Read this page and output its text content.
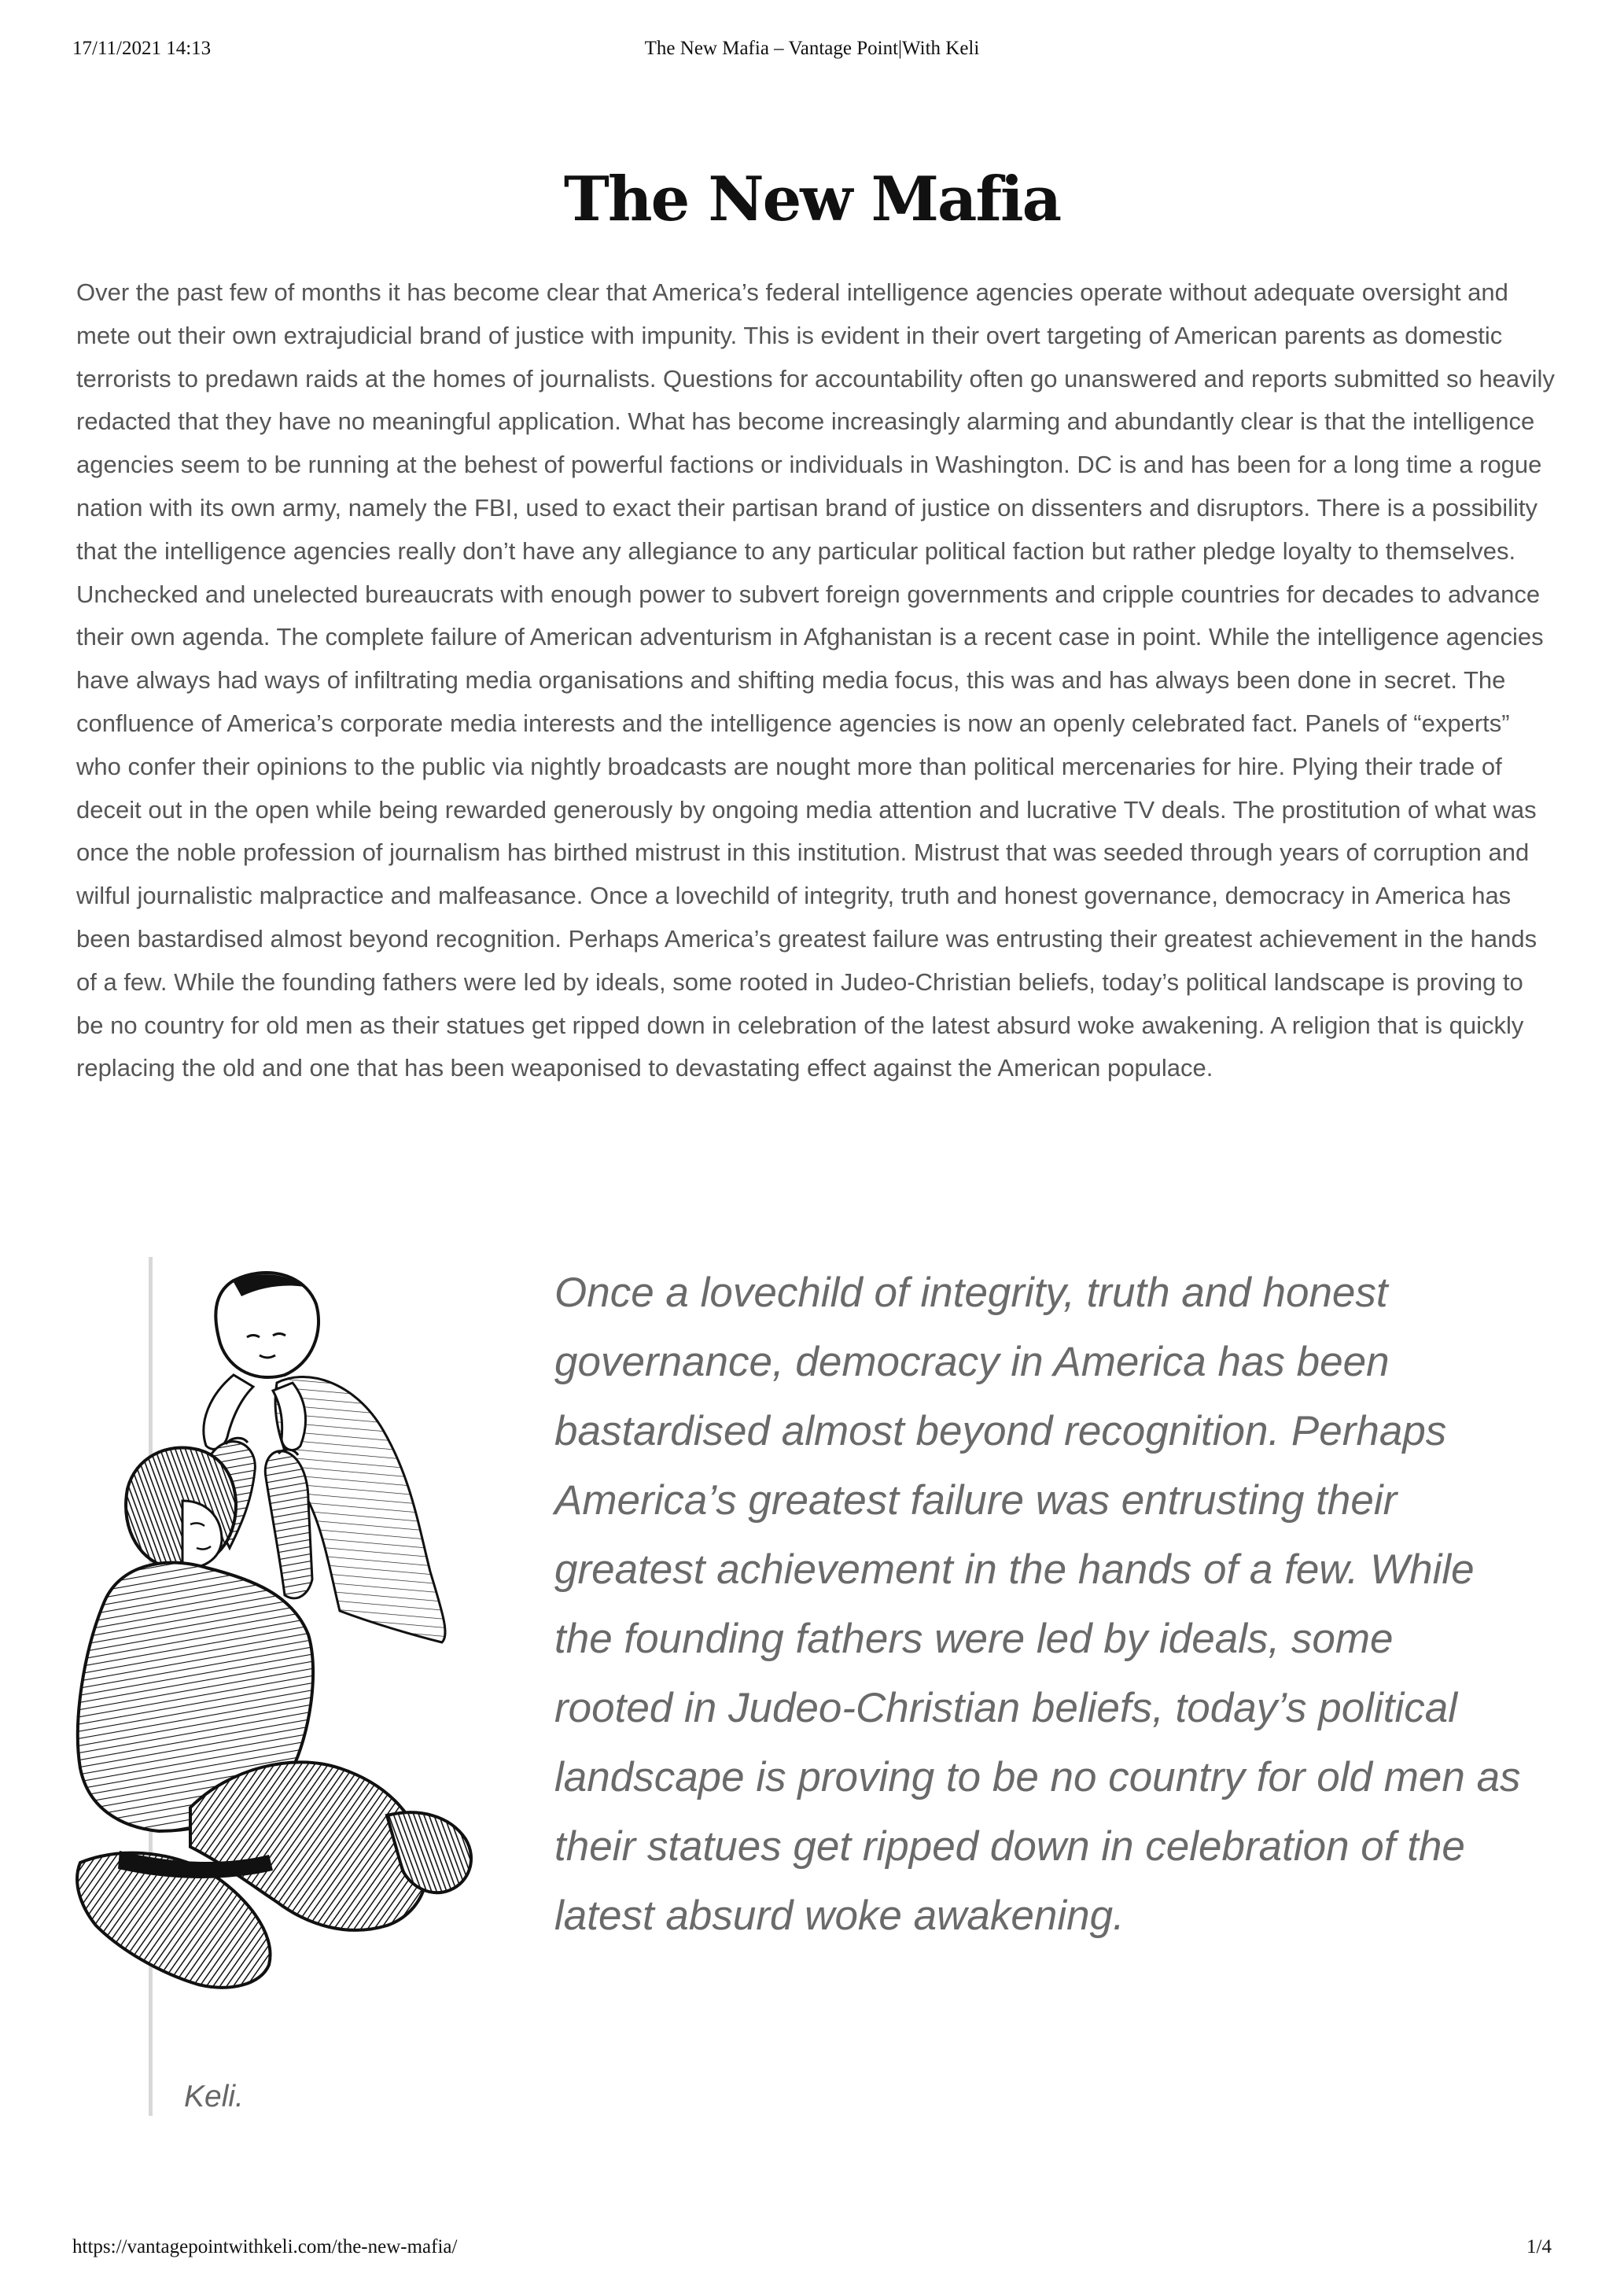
17/11/2021 14:13	The New Mafia – Vantage Point|With Keli
The New Mafia

Over the past few of months it has become clear that America’s federal intelligence agencies operate without adequate oversight and mete out their own extrajudicial brand of justice with impunity. This is evident in their overt targeting of American parents as domestic terrorists to predawn raids at the homes of journalists. Questions for accountability often go unanswered and reports submitted so heavily redacted that they have no meaningful application. What has become increasingly alarming and abundantly clear is that the intelligence agencies seem to be running at the behest of powerful factions or individuals in Washington. DC is and has been for a long time a rogue nation with its own army, namely the FBI, used to exact their partisan brand of justice on dissenters and disruptors. There is a possibility that the intelligence agencies really don’t have any allegiance to any particular political faction but rather pledge loyalty to themselves. Unchecked and unelected bureaucrats with enough power to subvert foreign governments and cripple countries for decades to advance their own agenda. The complete failure of American adventurism in Afghanistan is a recent case in point. While the intelligence agencies have always had ways of infiltrating media organisations and shifting media focus, this was and has always been done in secret. The confluence of America’s corporate media interests and the intelligence agencies is now an openly celebrated fact. Panels of “experts” who confer their opinions to the public via nightly broadcasts are nought more than political mercenaries for hire. Plying their trade of deceit out in the open while being rewarded generously by ongoing media attention and lucrative TV deals. The prostitution of what was once the noble profession of journalism has birthed mistrust in this institution. Mistrust that was seeded through years of corruption and wilful journalistic malpractice and malfeasance. Once a lovechild of integrity, truth and honest governance, democracy in America has been bastardised almost beyond recognition. Perhaps America’s greatest failure was entrusting their greatest achievement in the hands of a few. While the founding fathers were led by ideals, some rooted in Judeo-Christian beliefs, today’s political landscape is proving to be no country for old men as their statues get ripped down in celebration of the latest absurd woke awakening. A religion that is quickly replacing the old and one that has been weaponised to devastating effect against the American populace.

Once a lovechild of integrity, truth and honest governance, democracy in America has been bastardised almost beyond recognition. Perhaps America’s greatest failure was entrusting their greatest achievement in the hands of a few. While the founding fathers were led by ideals, some rooted in Judeo-Christian beliefs, today’s political landscape is proving to be no country for old men as their statues get ripped down in celebration of the latest absurd woke awakening.

Keli.

https://vantagepointwithkeli.com/the-new-mafia/	1/4
